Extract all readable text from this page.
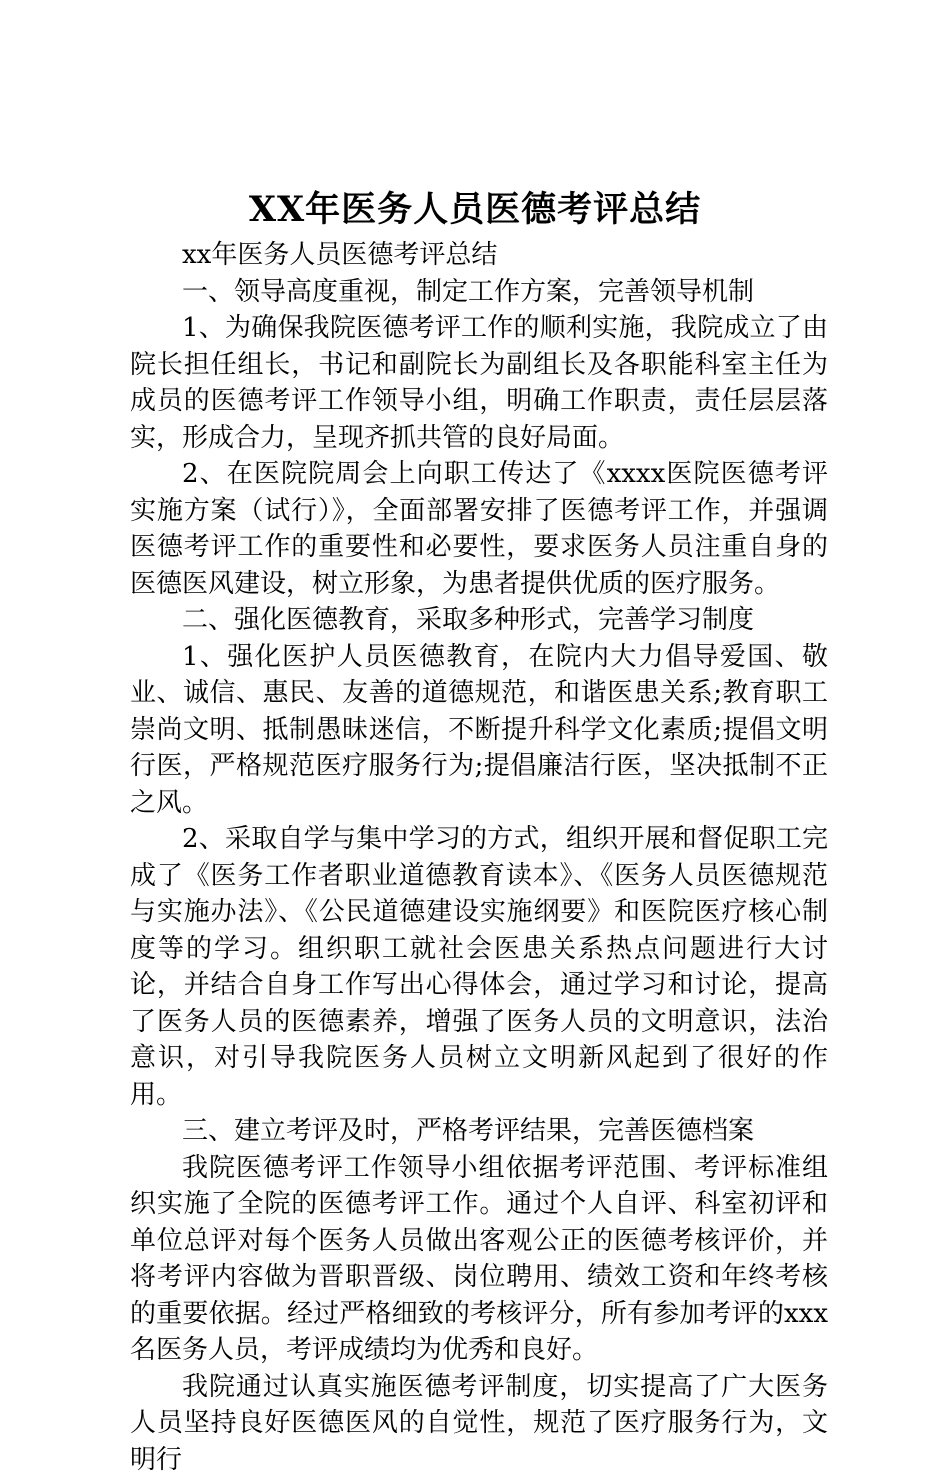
XX年医务人员医德考评总结

xx年医务人员医德考评总结

一、领导高度重视，制定工作方案，完善领导机制

1、为确保我院医德考评工作的顺利实施，我院成立了由院长担任组长，书记和副院长为副组长及各职能科室主任为成员的医德考评工作领导小组，明确工作职责，责任层层落实，形成合力，呈现齐抓共管的良好局面。

2、在医院院周会上向职工传达了《xxxx医院医德考评实施方案（试行）》，全面部署安排了医德考评工作，并强调医德考评工作的重要性和必要性，要求医务人员注重自身的医德医风建设，树立形象，为患者提供优质的医疗服务。

二、强化医德教育，采取多种形式，完善学习制度

1、强化医护人员医德教育，在院内大力倡导爱国、敬业、诚信、惠民、友善的道德规范，和谐医患关系;教育职工崇尚文明、抵制愚昧迷信，不断提升科学文化素质;提倡文明行医，严格规范医疗服务行为;提倡廉洁行医，坚决抵制不正之风。

2、采取自学与集中学习的方式，组织开展和督促职工完成了《医务工作者职业道德教育读本》、《医务人员医德规范与实施办法》、《公民道德建设实施纲要》和医院医疗核心制度等的学习。组织职工就社会医患关系热点问题进行大讨论，并结合自身工作写出心得体会，通过学习和讨论，提高了医务人员的医德素养，增强了医务人员的文明意识，法治意识，对引导我院医务人员树立文明新风起到了很好的作用。

三、建立考评及时，严格考评结果，完善医德档案

我院医德考评工作领导小组依据考评范围、考评标准组织实施了全院的医德考评工作。通过个人自评、科室初评和单位总评对每个医务人员做出客观公正的医德考核评价，并将考评内容做为晋职晋级、岗位聘用、绩效工资和年终考核的重要依据。经过严格细致的考核评分，所有参加考评的xxx名医务人员，考评成绩均为优秀和良好。

我院通过认真实施医德考评制度，切实提高了广大医务人员坚持良好医德医风的自觉性，规范了医疗服务行为，文明行
